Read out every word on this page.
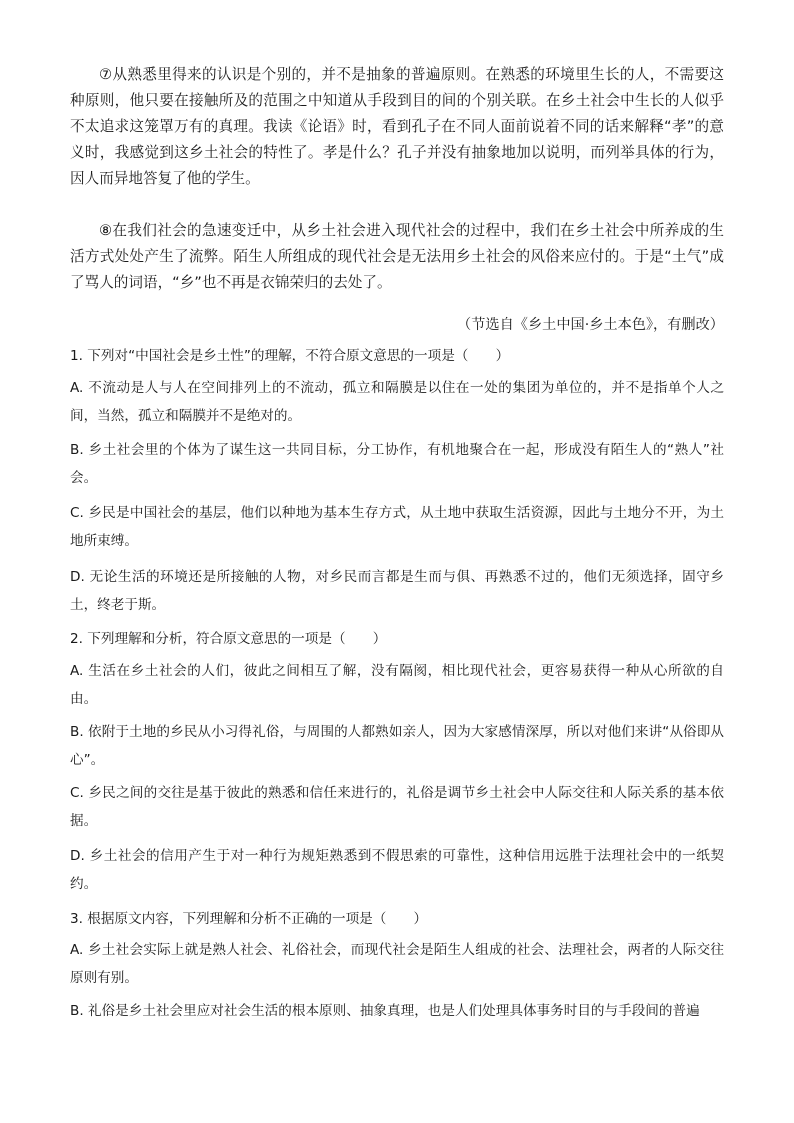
⑦从熟悉里得来的认识是个别的，并不是抽象的普遍原则。在熟悉的环境里生长的人，不需要这种原则，他只要在接触所及的范围之中知道从手段到目的间的个别关联。在乡土社会中生长的人似乎不太追求这笼罩万有的真理。我读《论语》时，看到孔子在不同人面前说着不同的话来解释“孝”的意义时，我感觉到这乡土社会的特性了。孝是什么？孔子并没有抽象地加以说明，而列举具体的行为，因人而异地答复了他的学生。
⑧在我们社会的急速变迁中，从乡土社会进入现代社会的过程中，我们在乡土社会中所养成的生活方式处处产生了流弊。陌生人所组成的现代社会是无法用乡土社会的风俗来应付的。于是“土气”成了骂人的词语，“乡”也不再是衣锦荣归的去处了。
（节选自《乡土中国·乡土本色》，有删改）
1. 下列对“中国社会是乡土性”的理解，不符合原文意思的一项是（　　）
A. 不流动是人与人在空间排列上的不流动，孤立和隔膜是以住在一处的集团为单位的，并不是指单个人之间，当然，孤立和隔膜并不是绝对的。
B. 乡土社会里的个体为了谋生这一共同目标，分工协作，有机地聚合在一起，形成没有陌生人的“熟人”社会。
C. 乡民是中国社会的基层，他们以种地为基本生存方式，从土地中获取生活资源，因此与土地分不开，为土地所束缚。
D. 无论生活的环境还是所接触的人物，对乡民而言都是生而与俱、再熟悉不过的，他们无须选择，固守乡土，终老于斯。
2. 下列理解和分析，符合原文意思的一项是（　　）
A. 生活在乡土社会的人们，彼此之间相互了解，没有隔阂，相比现代社会，更容易获得一种从心所欲的自由。
B. 依附于土地的乡民从小习得礼俗，与周围的人都熟如亲人，因为大家感情深厚，所以对他们来讲“从俗即从心”。
C. 乡民之间的交往是基于彼此的熟悉和信任来进行的，礼俗是调节乡土社会中人际交往和人际关系的基本依据。
D. 乡土社会的信用产生于对一种行为规矩熟悉到不假思索的可靠性，这种信用远胜于法理社会中的一纸契约。
3. 根据原文内容，下列理解和分析不正确的一项是（　　）
A. 乡土社会实际上就是熟人社会、礼俗社会，而现代社会是陌生人组成的社会、法理社会，两者的人际交往原则有别。
B. 礼俗是乡土社会里应对社会生活的根本原则、抽象真理，也是人们处理具体事务时目的与手段间的普遍
